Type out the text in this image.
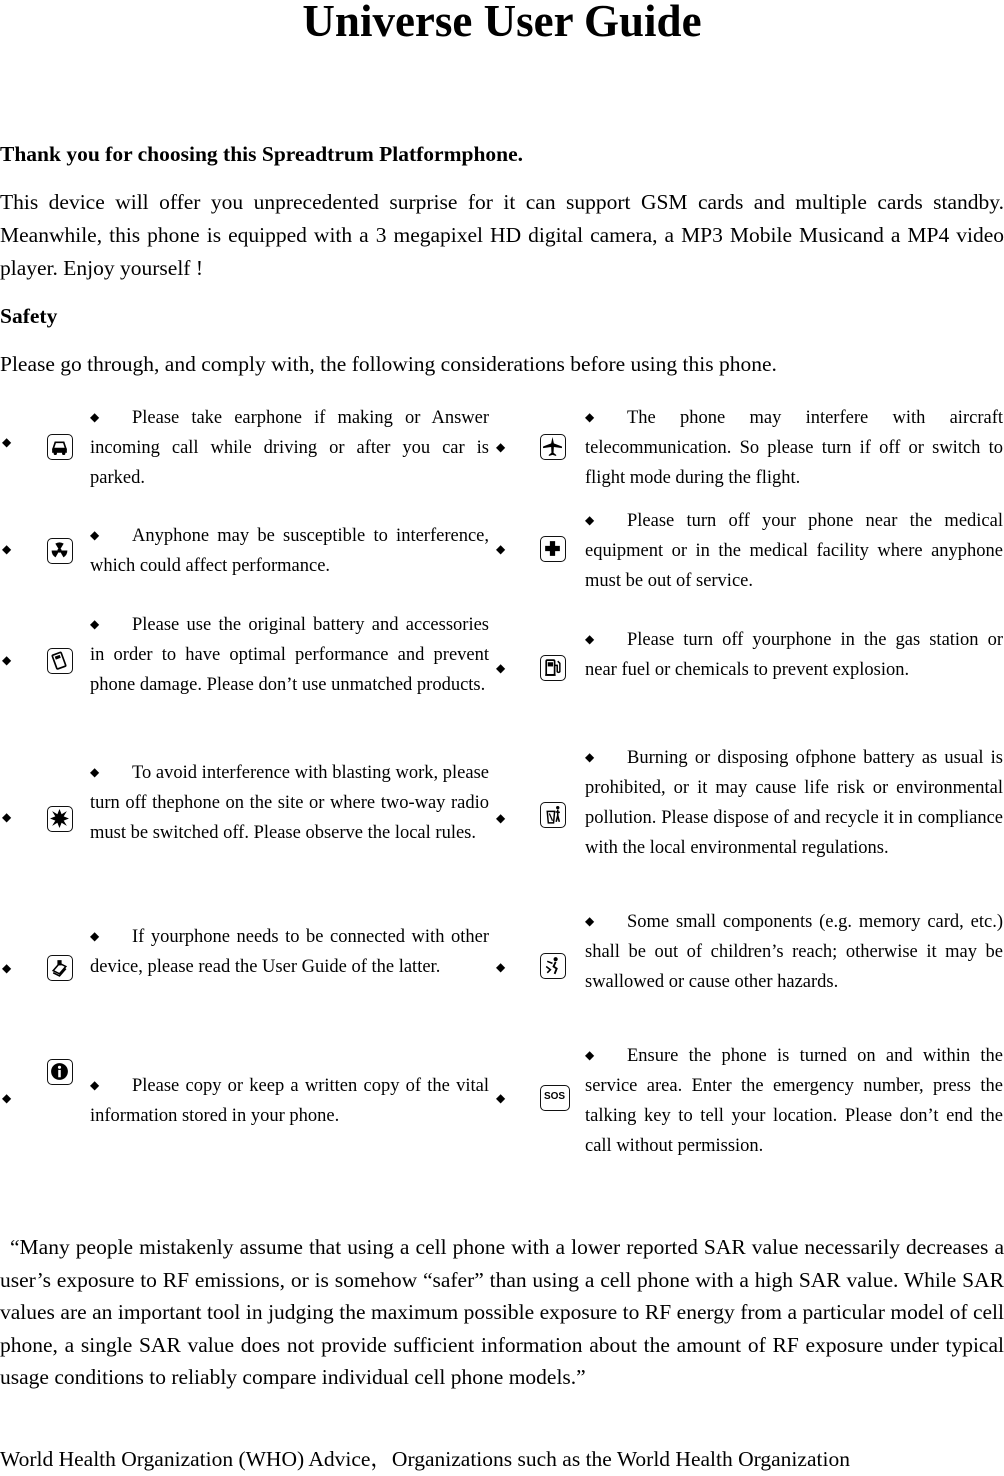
Universe User Guide
Thank you for choosing this Spreadtrum Platformphone.
This device will offer you unprecedented surprise for it can support GSM cards and multiple cards standby. Meanwhile, this phone is equipped with a 3 megapixel HD digital camera, a MP3 Mobile Musicand a MP4 video player. Enjoy yourself !
Safety
Please go through, and comply with, the following considerations before using this phone.
◆
◆ Please take earphone if making or Answer incoming call while driving or after you car is parked.
◆
◆ Anyphone may be susceptible to interference, which could affect performance.
◆
◆ Please use the original battery and accessories in order to have optimal performance and prevent phone damage. Please don’t use unmatched products.
◆
◆ To avoid interference with blasting work, please turn off thephone on the site or where two-way radio must be switched off. Please observe the local rules.
◆
◆ If yourphone needs to be connected with other device, please read the User Guide of the latter.
◆
◆ Please copy or keep a written copy of the vital information stored in your phone.
◆
◆ The phone may interfere with aircraft telecommunication. So please turn if off or switch to flight mode during the flight.
◆
◆ Please turn off your phone near the medical equipment or in the medical facility where anyphone must be out of service.
◆
◆ Please turn off yourphone in the gas station or near fuel or chemicals to prevent explosion.
◆
◆ Burning or disposing ofphone battery as usual is prohibited, or it may cause life risk or environmental pollution. Please dispose of and recycle it in compliance with the local environmental regulations.
◆
◆ Some small components (e.g. memory card, etc.) shall be out of children’s reach; otherwise it may be swallowed or cause other hazards.
◆	SOS
◆ Ensure the phone is turned on and within the service area. Enter the emergency number, press the talking key to tell your location. Please don’t end the call without permission.
“Many people mistakenly assume that using a cell phone with a lower reported SAR value necessarily decreases a user’s exposure to RF emissions, or is somehow “safer” than using a cell phone with a high SAR value. While SAR values are an important tool in judging the maximum possible exposure to RF energy from a particular model of cell phone, a single SAR value does not provide sufficient information about the amount of RF exposure under typical usage conditions to reliably compare individual cell phone models.”
World Health Organization (WHO) Advice，Organizations such as the World Health Organization
